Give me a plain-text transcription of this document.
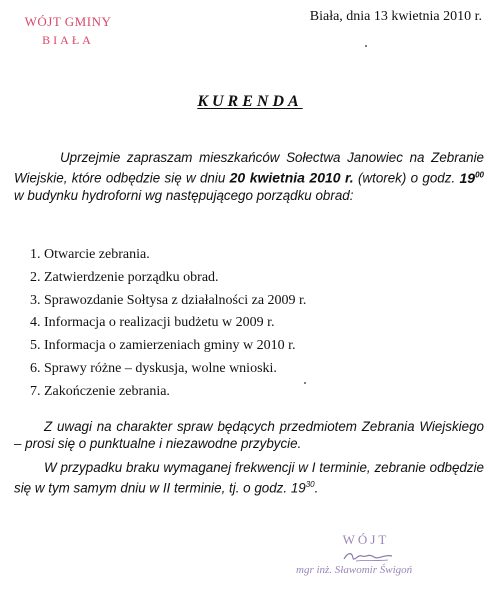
WÓJT GMINY
BIAŁA
Biała, dnia 13 kwietnia 2010 r.
KURENDA
Uprzejmie zapraszam mieszkańców Sołectwa Janowiec na Zebranie Wiejskie, które odbędzie się w dniu 20 kwietnia 2010 r. (wtorek) o godz. $19^{00}$ w budynku hydroforni wg następującego porządku obrad:
1. Otwarcie zebrania.
2. Zatwierdzenie porządku obrad.
3. Sprawozdanie Sołtysa z działalności za 2009 r.
4. Informacja o realizacji budżetu w 2009 r.
5. Informacja o zamierzeniach gminy w 2010 r.
6. Sprawy różne – dyskusja, wolne wnioski.
7. Zakończenie zebrania.

Z uwagi na charakter spraw będących przedmiotem Zebrania Wiejskiego – prosi się o punktualne i niezawodne przybycie.

W przypadku braku wymaganej frekwencji w I terminie, zebranie odbędzie się w tym samym dniu w II terminie, tj. o godz. $19^{30}$.

WÓJT
mgr inż. Sławomir Świgoń
